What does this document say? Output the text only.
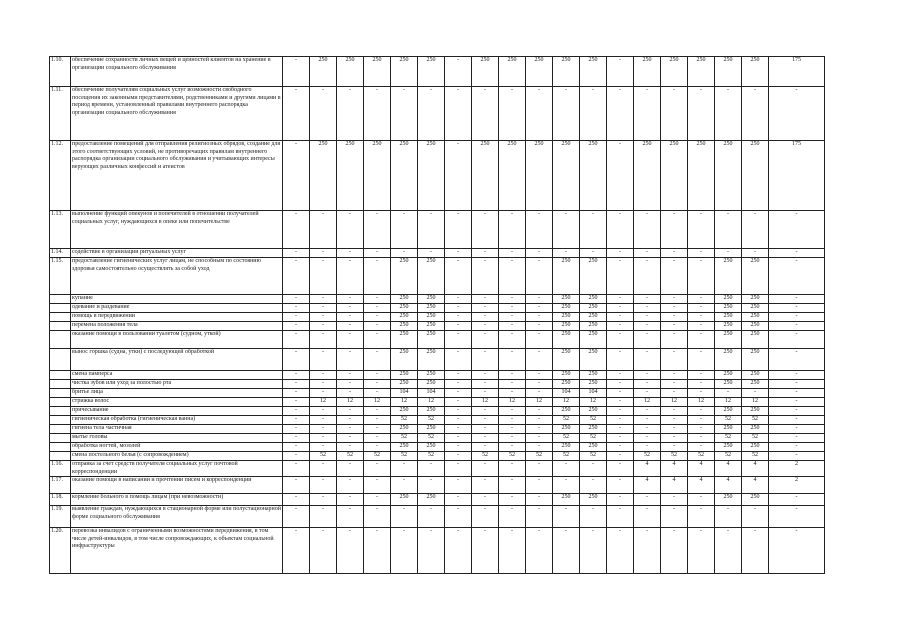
1.10.	обеспечение сохранности личных вещей и ценностей клиентов на хранение в организации социального обслуживания	-	250	250	250	250	250	-	250	250	250	250	250	-	250	250	250	250	250	175
1.11.	обеспечение получателям социальных услуг возможности свободного посещения их законными представителями, родственниками и другими лицами в период времени, установленный правилами внутреннего распорядка организации социального обслуживания	-	-	-	-	-	-	-	-	-	-	-	-	-	-	-	-	-	-	-
1.12.	предоставление помещений для отправления религиозных обрядов, создание для этого соответствующих условий, не противоречащих правилам внутреннего распорядка организации социального обслуживания и учитывающих интересы верующих различных конфессий и атеистов	-	250	250	250	250	250	-	250	250	250	250	250	-	250	250	250	250	250	175
1.13.	выполнение функций опекунов и попечителей в отношении получателей социальных услуг, нуждающихся в опеке или попечительстве	-	-	-	-	-	-	-	-	-	-	-	-	-	-	-	-	-	-	-
1.14.	содействие в организации ритуальных услуг	-	-	-	-	-	-	-	-	-	-	-	-	-	-	-	-	-	-	-
1.15.	предоставление гигиенических услуг лицам, не способным по состоянию здоровья самостоятельно осуществлять за собой уход	-	-	-	-	250	250	-	-	-	-	250	250	-	-	-	-	250	250	-
	купание	-	-	-	-	250	250	-	-	-	-	250	250	-	-	-	-	250	250	-
	одевание и раздевание	-	-	-	-	250	250	-	-	-	-	250	250	-	-	-	-	250	250	-
	помощь в передвижении	-	-	-	-	250	250	-	-	-	-	250	250	-	-	-	-	250	250	-
	перемена положения тела	-	-	-	-	250	250	-	-	-	-	250	250	-	-	-	-	250	250	-
	оказание помощи в пользовании туалетом (судном, уткой)	-	-	-	-	250	250	-	-	-	-	250	250	-	-	-	-	250	250	-
	вынос горшка (судна, утки) с последующей обработкой	-	-	-	-	250	250	-	-	-	-	250	250	-	-	-	-	250	250	-
	смена памперса	-	-	-	-	250	250	-	-	-	-	250	250	-	-	-	-	250	250	-
	чистка зубов или уход за полостью рта	-	-	-	-	250	250	-	-	-	-	250	250	-	-	-	-	250	250	-
	бритье лица	-	-	-	-	104	104	-	-	-	-	104	104	-	-	-	-	-	-	-
	стрижка волос	-	12	12	12	12	12	-	12	12	12	12	12	-	12	12	12	12	12	-
	причесывание	-	-	-	-	250	250	-	-	-	-	250	250	-	-	-	-	250	250	-
	гигиеническая обработка (гигиеническая ванна)	-	-	-	-	52	52	-	-	-	-	52	52	-	-	-	-	52	52	-
	гигиена тела частичная	-	-	-	-	250	250	-	-	-	-	250	250	-	-	-	-	250	250	-
	мытье головы	-	-	-	-	52	52	-	-	-	-	52	52	-	-	-	-	52	52	-
	обработка ногтей, мозолей	-	-	-	-	250	250	-	-	-	-	250	250	-	-	-	-	250	250	-
	смена постельного белья (с сопровождением)	-	52	52	52	52	52	-	52	52	52	52	52	-	52	52	52	52	52	-
1.16.	отправка за счет средств получателя социальных услуг почтовой корреспонденции	-	-	-	-	-	-	-	-	-	-	-	-	-	4	4	4	4	4	2
1.17.	оказание помощи в написании и прочтении писем и корреспонденции	-	-	-	-	-	-	-	-	-	-	-	-	-	4	4	4	4	4	2
1.18.	кормление больного в помощь лицам (при невозможности)	-	-	-	-	250	250	-	-	-	-	250	250	-	-	-	-	250	250	-
1.19.	выявление граждан, нуждающихся в стационарной форме или полустационарной форме социального обслуживания	-	-	-	-	-	-	-	-	-	-	-	-	-	-	-	-	-	-	-
1.20.	перевозка инвалидов с ограниченными возможностями передвижения, в том числе детей-инвалидов, в том числе сопровождающих, к объектам социальной инфраструктуры	-	-	-	-	-	-	-	-	-	-	-	-	-	-	-	-	-	-	-
